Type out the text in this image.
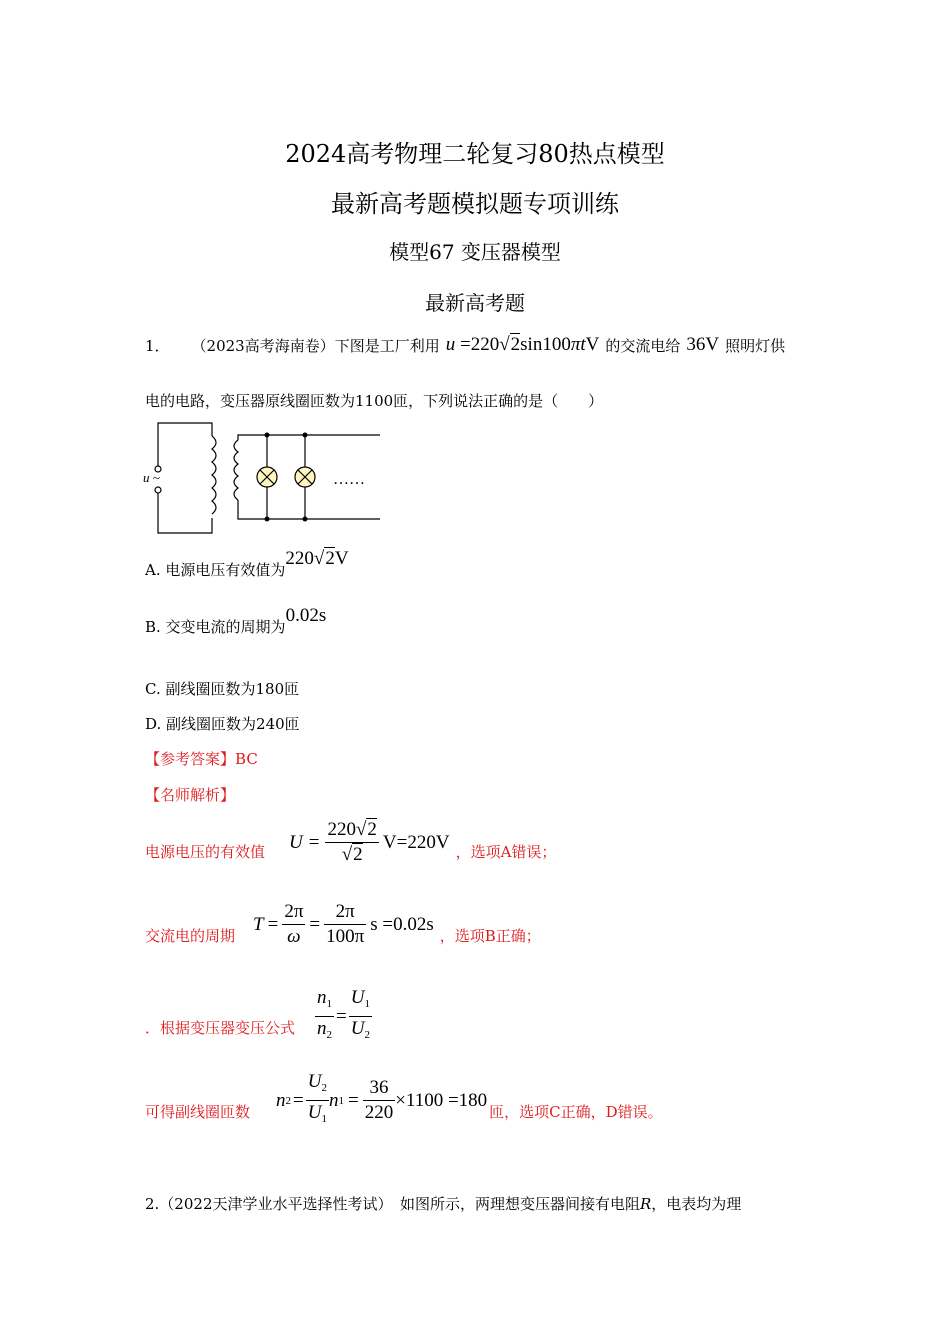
2024高考物理二轮复习80热点模型
最新高考题模拟题专项训练
模型67 变压器模型
最新高考题
1． （2023高考海南卷）下图是工厂利用 u =220√2sin100πtV 的交流电给 36V 照明灯供
电的电路，变压器原线圈匝数为1100匝，下列说法正确的是（　　）
u ~	……
A. 电源电压有效值为
220√2V
B. 交变电流的周期为
0.02s
C. 副线圈匝数为180匝
D. 副线圈匝数为240匝
【参考答案】BC
【名师解析】
电源电压的有效值 $U = \frac{220√2}{√2} V=220V$ ，选项A错误；
交流电的周期
$T = \frac{2\pi}{\omega} = \frac{2\pi}{100\pi}$ s =0.02s
，选项B正确；
．根据变压器变压公式 $\frac{n_1}{n_2} = \frac{U_1}{U_2}$
可得副线圈匝数
n $2 = \frac{U_2}{U_1}$ n $1 = \frac{36}{220} \times 1100 =180$
匝，选项C正确，D错误。
2.（2022天津学业水平选择性考试）　如图所示，两理想变压器间接有电阻R，电表均为理
